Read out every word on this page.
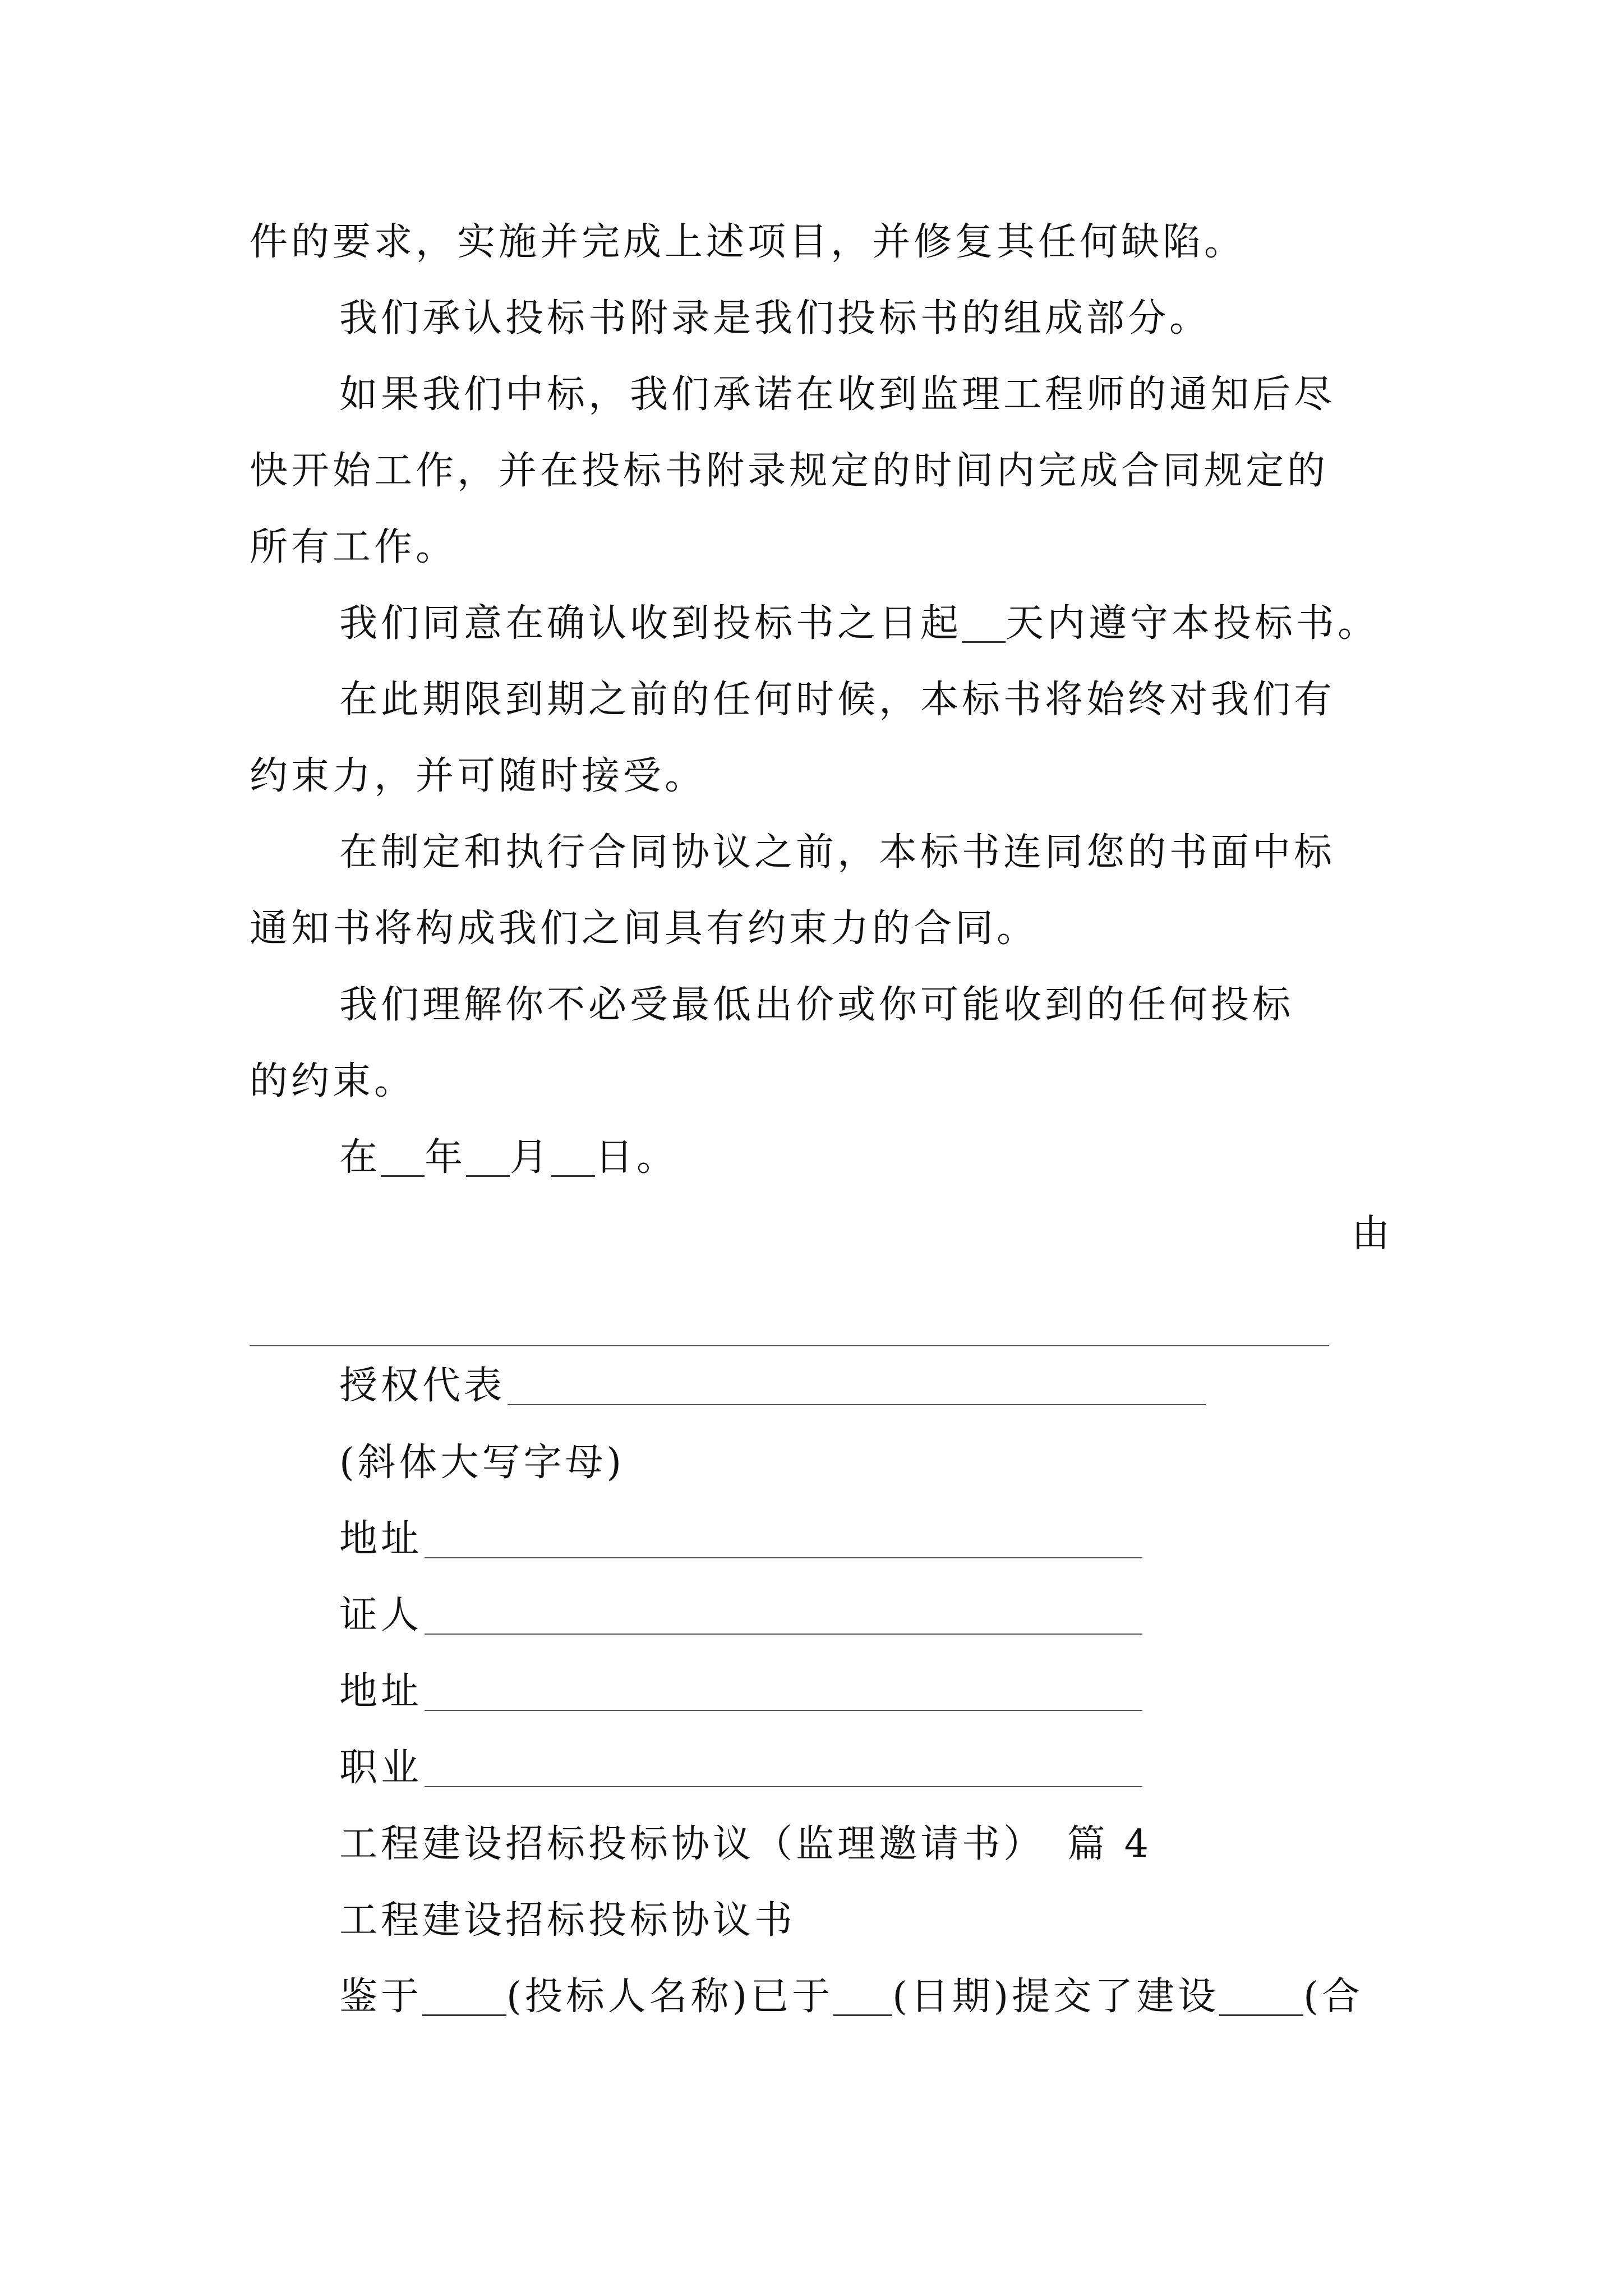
件的要求，实施并完成上述项目，并修复其任何缺陷。
我们承认投标书附录是我们投标书的组成部分。
如果我们中标，我们承诺在收到监理工程师的通知后尽
快开始工作，并在投标书附录规定的时间内完成合同规定的
所有工作。
我们同意在确认收到投标书之日起 天内遵守本投标书。
在此期限到期之前的任何时候，本标书将始终对我们有
约束力，并可随时接受。
在制定和执行合同协议之前，本标书连同您的书面中标
通知书将构成我们之间具有约束力的合同。
我们理解你不必受最低出价或你可能收到的任何投标
的约束。
在 年 月 日。
由
授权代表
(斜体大写字母)
地址
证人
地址
职业
工程建设招标投标协议（监理邀请书）　篇 4
工程建设招标投标协议书
鉴于 (投标人名称)已于 (日期)提交了建设 (合
